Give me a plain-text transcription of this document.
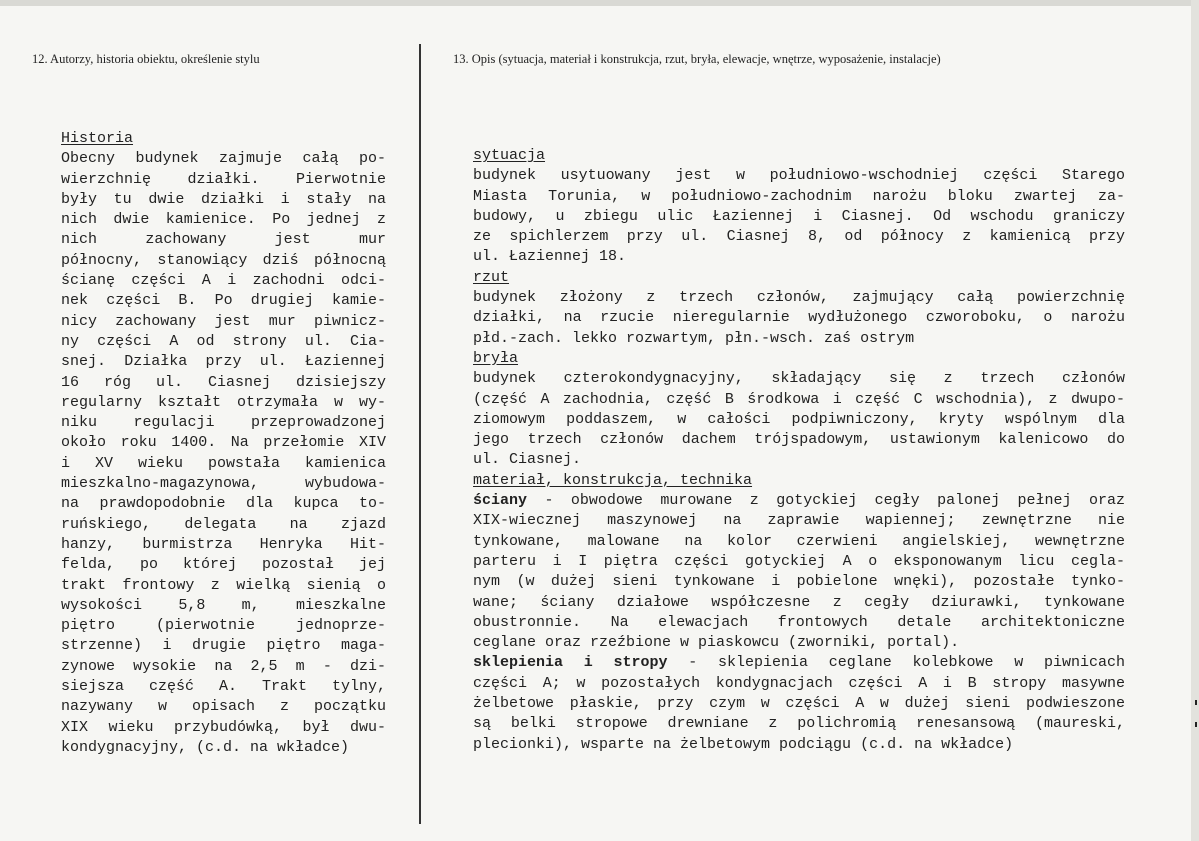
12. Autorzy, historia obiektu, określenie stylu	13. Opis (sytuacja, materiał i konstrukcja, rzut, bryła, elewacje, wnętrze, wyposażenie, instalacje)
Historia
Obecny budynek zajmuje całą po-
wierzchnię działki. Pierwotnie
były tu dwie działki i stały na
nich dwie kamienice. Po jednej z
nich zachowany jest mur
północny, stanowiący dziś północną
ścianę części A i zachodni odci-
nek części B. Po drugiej kamie-
nicy zachowany jest mur piwnicz-
ny części A od strony ul. Cia-
snej. Działka przy ul. Łaziennej
16 róg ul. Ciasnej dzisiejszy
regularny kształt otrzymała w wy-
niku regulacji przeprowadzonej
około roku 1400. Na przełomie XIV
i XV wieku powstała kamienica
mieszkalno-magazynowa, wybudowa-
na prawdopodobnie dla kupca to-
ruńskiego, delegata na zjazd
hanzy, burmistrza Henryka Hit-
felda, po której pozostał jej
trakt frontowy z wielką sienią o
wysokości 5,8 m, mieszkalne
piętro (pierwotnie jednoprze-
strzenne) i drugie piętro maga-
zynowe wysokie na 2,5 m - dzi-
siejsza część A. Trakt tylny,
nazywany w opisach z początku
XIX wieku przybudówką, był dwu-
kondygnacyjny, (c.d. na wkładce)
sytuacja
budynek usytuowany jest w południowo-wschodniej części Starego
Miasta Torunia, w południowo-zachodnim narożu bloku zwartej za-
budowy, u zbiegu ulic Łaziennej i Ciasnej. Od wschodu graniczy
ze spichlerzem przy ul. Ciasnej 8, od północy z kamienicą przy
ul. Łaziennej 18.
rzut
budynek złożony z trzech członów, zajmujący całą powierzchnię
działki, na rzucie nieregularnie wydłużonego czworoboku, o narożu
płd.-zach. lekko rozwartym, płn.-wsch. zaś ostrym
bryła
budynek czterokondygnacyjny, składający się z trzech członów
(część A zachodnia, część B środkowa i część C wschodnia), z dwupo-
ziomowym poddaszem, w całości podpiwniczony, kryty wspólnym dla
jego trzech członów dachem trójspadowym, ustawionym kalenicowo do
ul. Ciasnej.
materiał, konstrukcja, technika
ściany - obwodowe murowane z gotyckiej cegły palonej pełnej oraz
XIX-wiecznej maszynowej na zaprawie wapiennej; zewnętrzne nie
tynkowane, malowane na kolor czerwieni angielskiej, wewnętrzne
parteru i I piętra części gotyckiej A o eksponowanym licu cegla-
nym (w dużej sieni tynkowane i pobielone wnęki), pozostałe tynko-
wane; ściany działowe współczesne z cegły dziurawki, tynkowane
obustronnie. Na elewacjach frontowych detale architektoniczne
ceglane oraz rzeźbione w piaskowcu (zworniki, portal).
sklepienia i stropy - sklepienia ceglane kolebkowe w piwnicach
części A; w pozostałych kondygnacjach części A i B stropy masywne
żelbetowe płaskie, przy czym w części A w dużej sieni podwieszone
są belki stropowe drewniane z polichromią renesansową (maureski,
plecionki), wsparte na żelbetowym podciągu (c.d. na wkładce)
